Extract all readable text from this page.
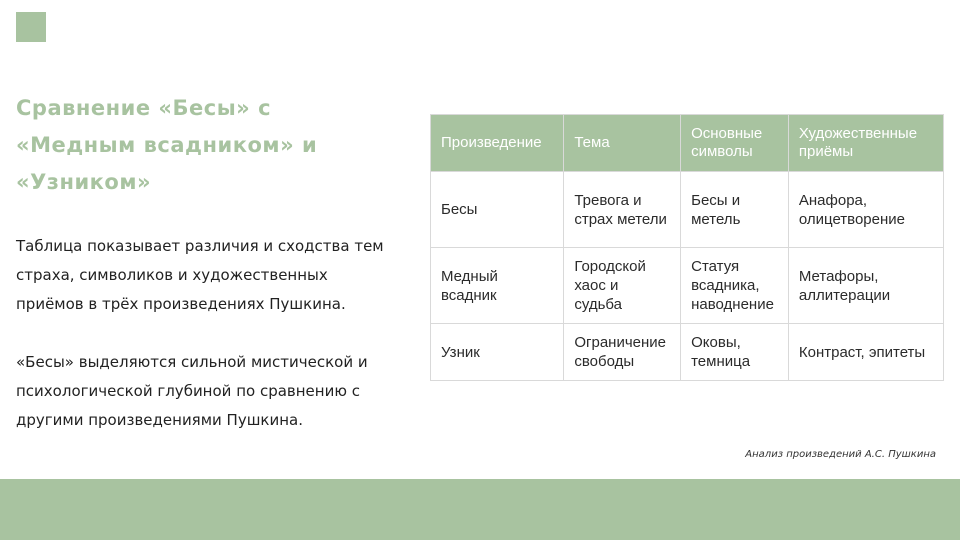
Сравнение «Бесы» с
«Медным всадником» и
«Узником»

Таблица показывает различия и сходства тем страха, символиков и художественных приёмов в трёх произведениях Пушкина.

«Бесы» выделяются сильной мистической и психологической глубиной по сравнению с другими произведениями Пушкина.

Произведение	Тема	Основные символы	Художественные приёмы
Бесы	Тревога и страх метели	Бесы и метель	Анафора, олицетворение
Медный всадник	Городской хаос и судьба	Статуя всадника, наводнение	Метафоры, аллитерации
Узник	Ограничение свободы	Оковы, темница	Контраст, эпитеты
Анализ произведений А.С. Пушкина
